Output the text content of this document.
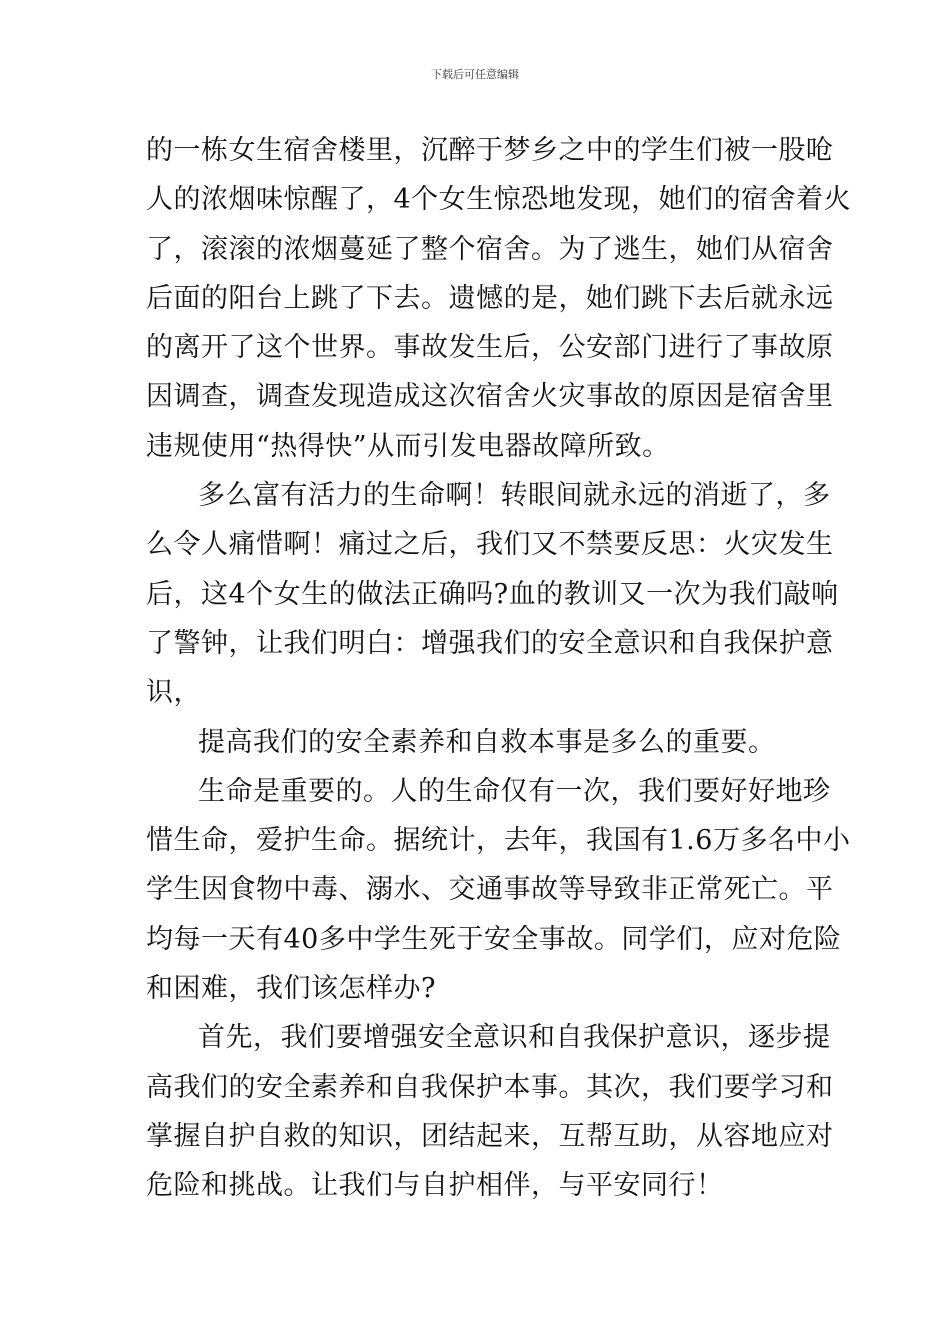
下载后可任意编辑
的一栋女生宿舍楼里，沉醉于梦乡之中的学生们被一股呛
人的浓烟味惊醒了，4个女生惊恐地发现，她们的宿舍着火
了，滚滚的浓烟蔓延了整个宿舍。为了逃生，她们从宿舍
后面的阳台上跳了下去。遗憾的是，她们跳下去后就永远
的离开了这个世界。事故发生后，公安部门进行了事故原
因调查，调查发现造成这次宿舍火灾事故的原因是宿舍里
违规使用“热得快”从而引发电器故障所致。
多么富有活力的生命啊！转眼间就永远的消逝了，多
么令人痛惜啊！痛过之后，我们又不禁要反思：火灾发生
后，这4个女生的做法正确吗?血的教训又一次为我们敲响
了警钟，让我们明白：增强我们的安全意识和自我保护意
识，
提高我们的安全素养和自救本事是多么的重要。
生命是重要的。人的生命仅有一次，我们要好好地珍
惜生命，爱护生命。据统计，去年，我国有1.6万多名中小
学生因食物中毒、溺水、交通事故等导致非正常死亡。平
均每一天有40多中学生死于安全事故。同学们，应对危险
和困难，我们该怎样办?
首先，我们要增强安全意识和自我保护意识，逐步提
高我们的安全素养和自我保护本事。其次，我们要学习和
掌握自护自救的知识，团结起来，互帮互助，从容地应对
危险和挑战。让我们与自护相伴，与平安同行！
